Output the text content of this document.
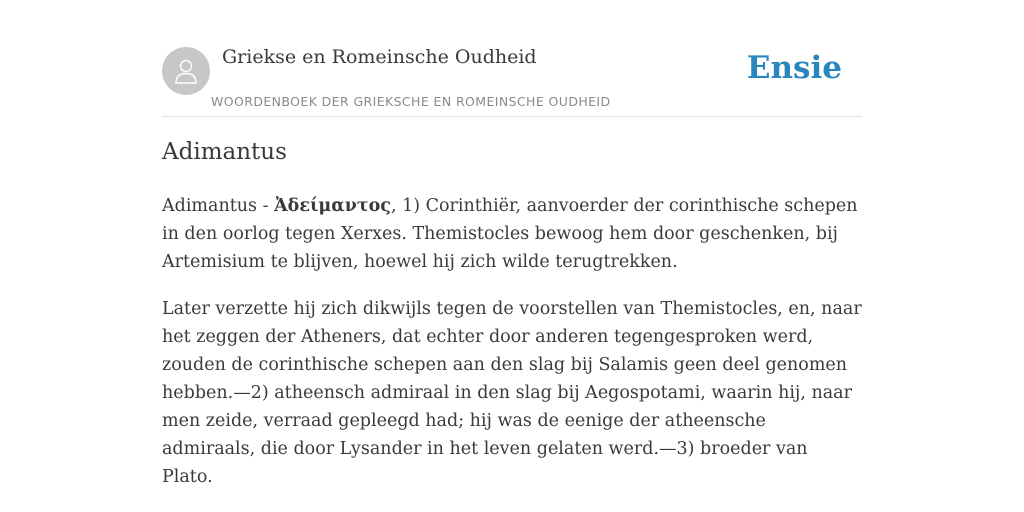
Griekse en Romeinsche Oudheid
WOORDENBOEK DER GRIEKSCHE EN ROMEINSCHE OUDHEID
Ensie
Adimantus

Adimantus - Ἀδείμαντος, 1) Corinthiër, aanvoerder der corinthische schepen in den oorlog tegen Xerxes. Themistocles bewoog hem door geschenken, bij Artemisium te blijven, hoewel hij zich wilde terugtrekken.

Later verzette hij zich dikwijls tegen de voorstellen van Themistocles, en, naar het zeggen der Atheners, dat echter door anderen tegengesproken werd, zouden de corinthische schepen aan den slag bij Salamis geen deel genomen hebben.—2) atheensch admiraal in den slag bij Aegospotami, waarin hij, naar men zeide, verraad gepleegd had; hij was de eenige der atheensche admiraals, die door Lysander in het leven gelaten werd.—3) broeder van Plato.
